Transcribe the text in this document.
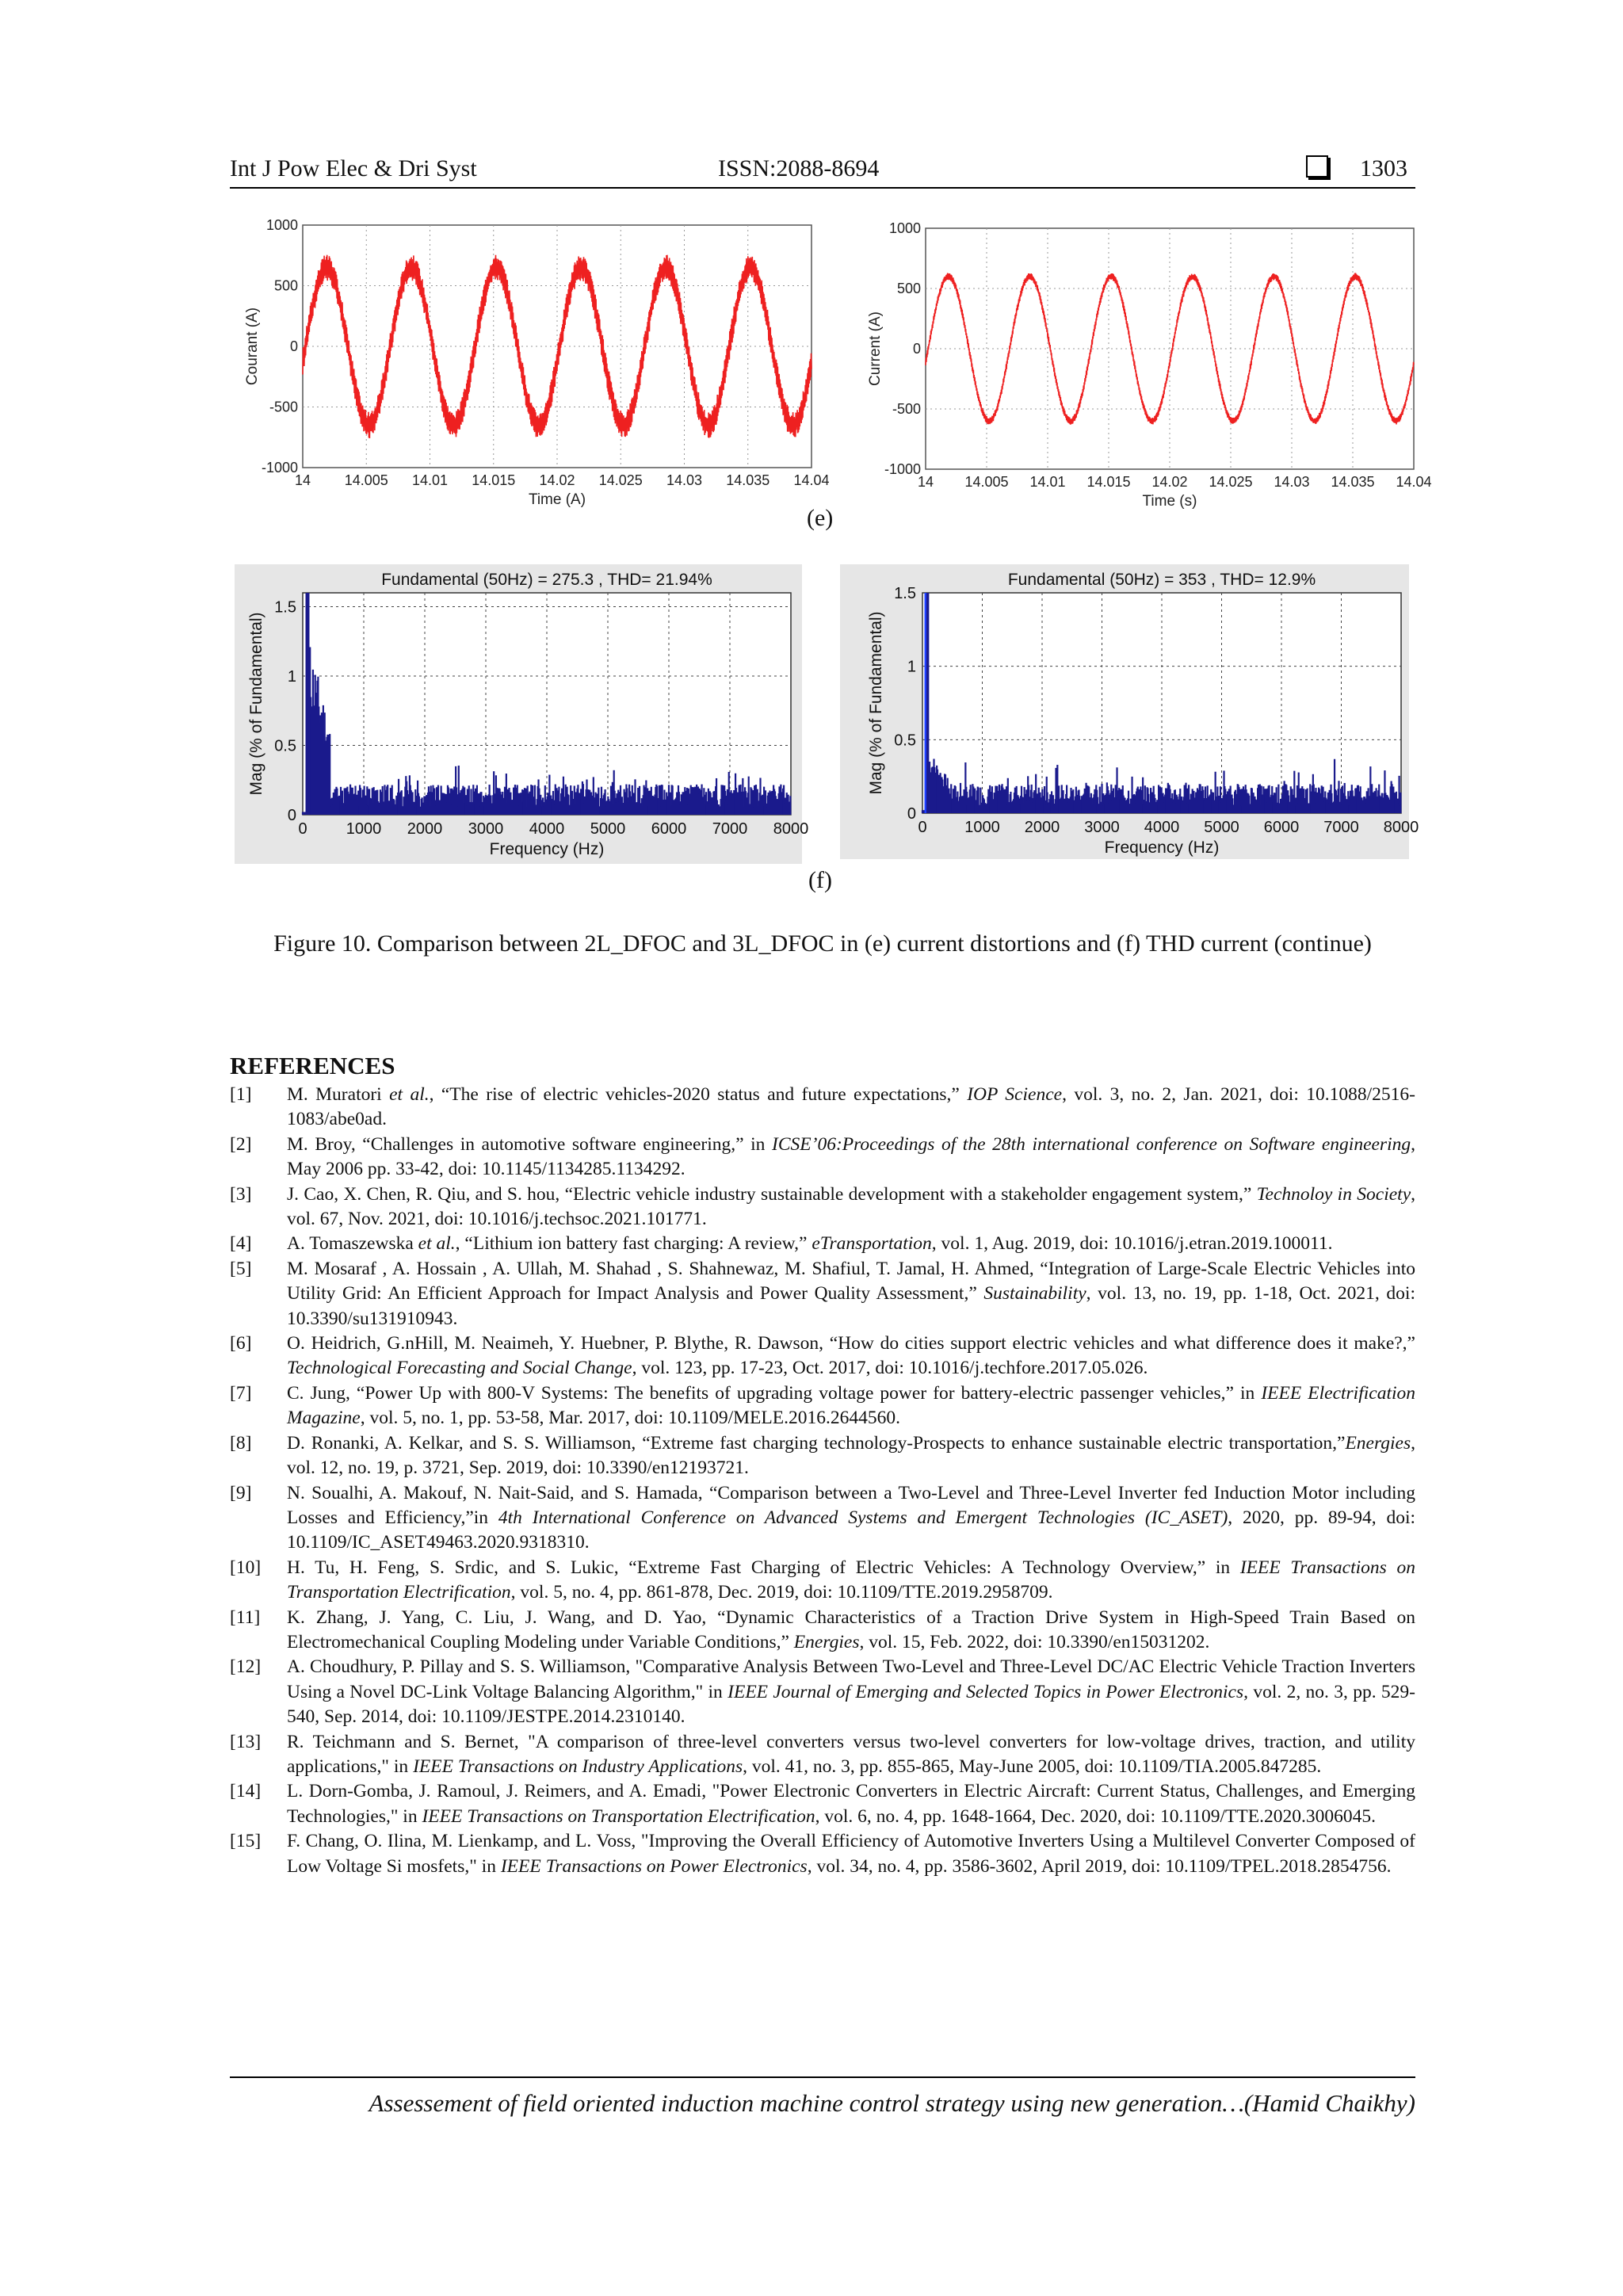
Int J Pow Elec & Dri Syst	ISSN:2088-8694	1303
14 14.005 14.01 14.015 14.02 14.025 14.03 14.035 14.04
1000
500
0
-500
-1000
Time (A)
Courant (A)
14 14.005 14.01 14.015 14.02 14.025 14.03 14.035 14.04
1000
500
0
-500
-1000
Time (s)
Current (A)
(e)
Fundamental (50Hz) = 275.3 , THD= 21.94%
0 1000 2000 3000 4000 5000 6000 7000 8000
1.5
1
0.5
0
Frequency (Hz)
Mag (% of Fundamental)
Fundamental (50Hz) = 353 , THD= 12.9%
0 1000 2000 3000 4000 5000 6000 7000 8000
1.5
1
0.5
0
Frequency (Hz)
Mag (% of Fundamental)
(f)
Figure 10. Comparison between 2L_DFOC and 3L_DFOC in (e) current distortions and (f) THD current (continue)
REFERENCES
[1]	M. Muratori et al., “The rise of electric vehicles-2020 status and future expectations,” IOP Science, vol. 3, no. 2, Jan. 2021, doi: 10.1088/2516-1083/abe0ad.
[2]	M. Broy, “Challenges in automotive software engineering,” in ICSE’06:Proceedings of the 28th international conference on Software engineering, May 2006 pp. 33-42, doi: 10.1145/1134285.1134292.
[3]	J. Cao, X. Chen, R. Qiu, and S. hou, “Electric vehicle industry sustainable development with a stakeholder engagement system,” Technoloy in Society, vol. 67, Nov. 2021, doi: 10.1016/j.techsoc.2021.101771.
[4]	A. Tomaszewska et al., “Lithium ion battery fast charging: A review,” eTransportation, vol. 1, Aug. 2019, doi: 10.1016/j.etran.2019.100011.
[5]	M. Mosaraf , A. Hossain , A. Ullah, M. Shahad , S. Shahnewaz, M. Shafiul, T. Jamal, H. Ahmed, “Integration of Large-Scale Electric Vehicles into Utility Grid: An Efficient Approach for Impact Analysis and Power Quality Assessment,” Sustainability, vol. 13, no. 19, pp. 1-18, Oct. 2021, doi: 10.3390/su131910943.
[6]	O. Heidrich, G.nHill, M. Neaimeh, Y. Huebner, P. Blythe, R. Dawson, “How do cities support electric vehicles and what difference does it make?,” Technological Forecasting and Social Change, vol. 123, pp. 17-23, Oct. 2017, doi: 10.1016/j.techfore.2017.05.026.
[7]	C. Jung, “Power Up with 800-V Systems: The benefits of upgrading voltage power for battery-electric passenger vehicles,” in IEEE Electrification Magazine, vol. 5, no. 1, pp. 53-58, Mar. 2017, doi: 10.1109/MELE.2016.2644560.
[8]	D. Ronanki, A. Kelkar, and S. S. Williamson, “Extreme fast charging technology-Prospects to enhance sustainable electric transportation,”Energies, vol. 12, no. 19, p. 3721, Sep. 2019, doi: 10.3390/en12193721.
[9]	N. Soualhi, A. Makouf, N. Nait-Said, and S. Hamada, “Comparison between a Two-Level and Three-Level Inverter fed Induction Motor including Losses and Efficiency,”in 4th International Conference on Advanced Systems and Emergent Technologies (IC_ASET), 2020, pp. 89-94, doi: 10.1109/IC_ASET49463.2020.9318310.
[10]	H. Tu, H. Feng, S. Srdic, and S. Lukic, “Extreme Fast Charging of Electric Vehicles: A Technology Overview,” in IEEE Transactions on Transportation Electrification, vol. 5, no. 4, pp. 861-878, Dec. 2019, doi: 10.1109/TTE.2019.2958709.
[11]	K. Zhang, J. Yang, C. Liu, J. Wang, and D. Yao, “Dynamic Characteristics of a Traction Drive System in High-Speed Train Based on Electromechanical Coupling Modeling under Variable Conditions,” Energies, vol. 15, Feb. 2022, doi: 10.3390/en15031202.
[12]	A. Choudhury, P. Pillay and S. S. Williamson, "Comparative Analysis Between Two-Level and Three-Level DC/AC Electric Vehicle Traction Inverters Using a Novel DC-Link Voltage Balancing Algorithm," in IEEE Journal of Emerging and Selected Topics in Power Electronics, vol. 2, no. 3, pp. 529-540, Sep. 2014, doi: 10.1109/JESTPE.2014.2310140.
[13]	R. Teichmann and S. Bernet, "A comparison of three-level converters versus two-level converters for low-voltage drives, traction, and utility applications," in IEEE Transactions on Industry Applications, vol. 41, no. 3, pp. 855-865, May-June 2005, doi: 10.1109/TIA.2005.847285.
[14]	L. Dorn-Gomba, J. Ramoul, J. Reimers, and A. Emadi, "Power Electronic Converters in Electric Aircraft: Current Status, Challenges, and Emerging Technologies," in IEEE Transactions on Transportation Electrification, vol. 6, no. 4, pp. 1648-1664, Dec. 2020, doi: 10.1109/TTE.2020.3006045.
[15]	F. Chang, O. Ilina, M. Lienkamp, and L. Voss, "Improving the Overall Efficiency of Automotive Inverters Using a Multilevel Converter Composed of Low Voltage Si mosfets," in IEEE Transactions on Power Electronics, vol. 34, no. 4, pp. 3586-3602, April 2019, doi: 10.1109/TPEL.2018.2854756.
Assessement of field oriented induction machine control strategy using new generation…(Hamid Chaikhy)
